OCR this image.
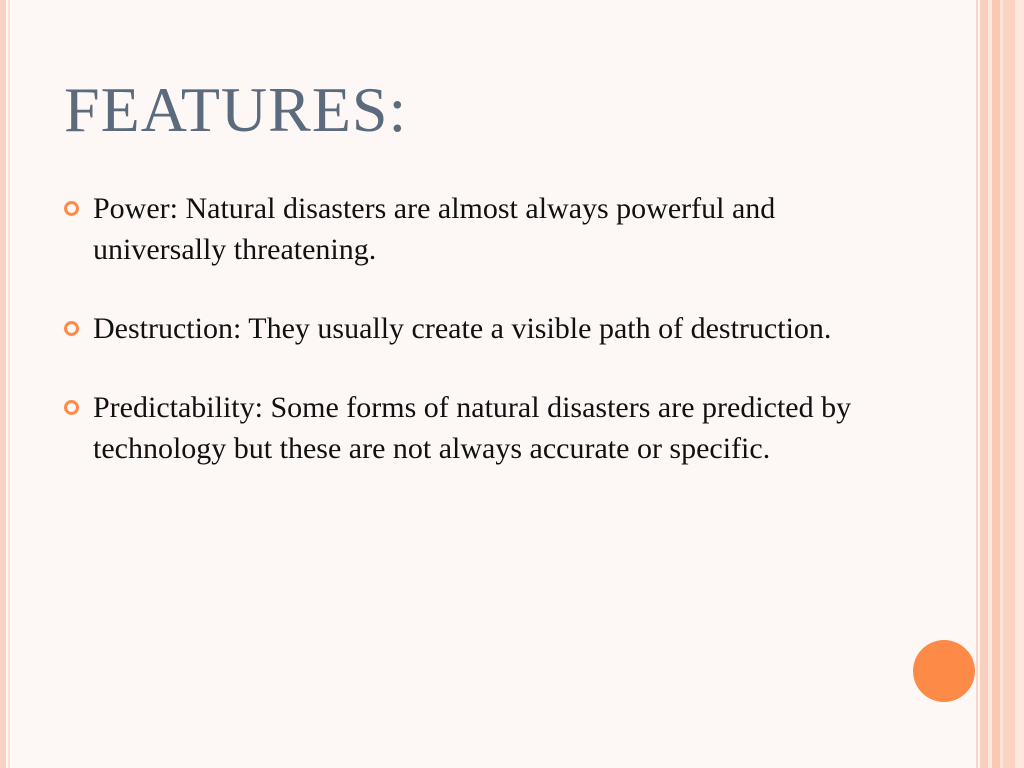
FEATURES:
Power: Natural disasters are almost always powerful and universally threatening.
Destruction: They usually create a visible path of destruction.
Predictability: Some forms of natural disasters are predicted by technology but these are not always accurate or specific.
